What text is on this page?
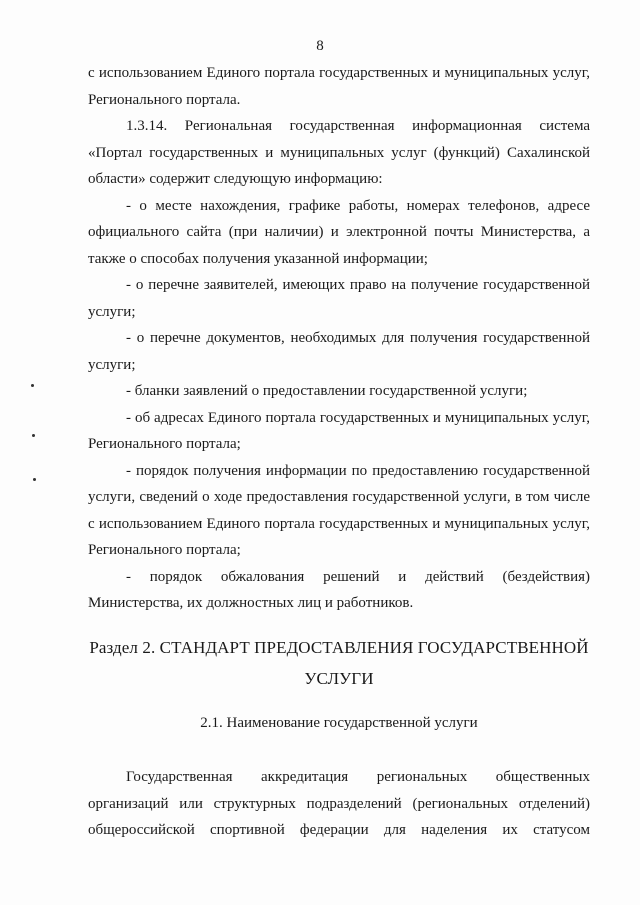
8

с использованием Единого портала государственных и муниципальных услуг, Регионального портала.

1.3.14. Региональная государственная информационная система «Портал государственных и муниципальных услуг (функций) Сахалинской области» содержит следующую информацию:

- о месте нахождения, графике работы, номерах телефонов, адресе официального сайта (при наличии) и электронной почты Министерства, а также о способах получения указанной информации;

- о перечне заявителей, имеющих право на получение государственной услуги;

- о перечне документов, необходимых для получения государственной услуги;

- бланки заявлений о предоставлении государственной услуги;

- об адресах Единого портала государственных и муниципальных услуг, Регионального портала;

- порядок получения информации по предоставлению государственной услуги, сведений о ходе предоставления государственной услуги, в том числе с использованием Единого портала государственных и муниципальных услуг, Регионального портала;

- порядок обжалования решений и действий (бездействия) Министерства, их должностных лиц и работников.

Раздел 2. СТАНДАРТ ПРЕДОСТАВЛЕНИЯ ГОСУДАРСТВЕННОЙ
УСЛУГИ
2.1. Наименование государственной услуги

Государственная аккредитация региональных общественных организаций или структурных подразделений (региональных отделений) общероссийской спортивной федерации для наделения их статусом
